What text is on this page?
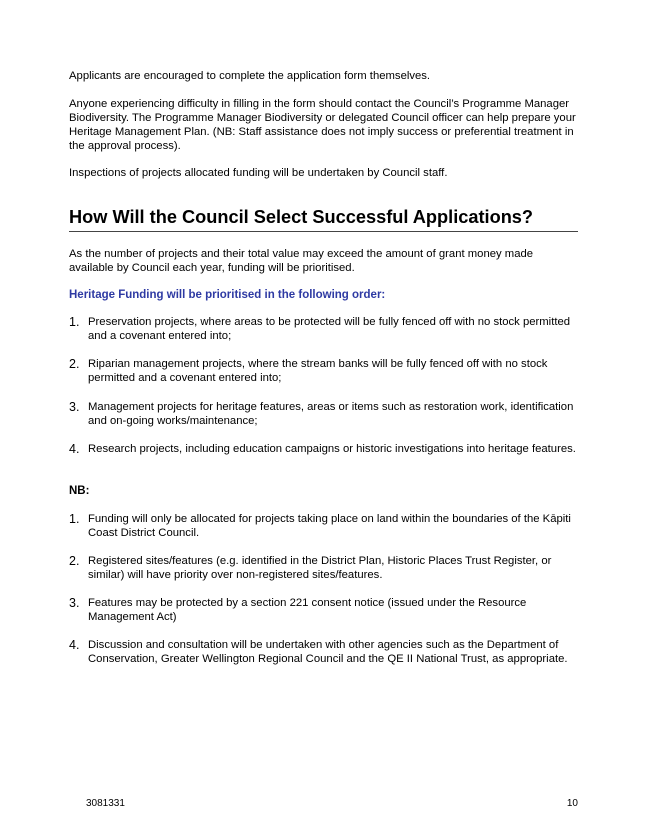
Applicants are encouraged to complete the application form themselves.

Anyone experiencing difficulty in filling in the form should contact the Council’s Programme Manager Biodiversity. The Programme Manager Biodiversity or delegated Council officer can help prepare your Heritage Management Plan. (NB: Staff assistance does not imply success or preferential treatment in the approval process).

Inspections of projects allocated funding will be undertaken by Council staff.

How Will the Council Select Successful Applications?

As the number of projects and their total value may exceed the amount of grant money made available by Council each year, funding will be prioritised.

Heritage Funding will be prioritised in the following order:

1. Preservation projects, where areas to be protected will be fully fenced off with no stock permitted and a covenant entered into;
2. Riparian management projects, where the stream banks will be fully fenced off with no stock permitted and a covenant entered into;
3. Management projects for heritage features, areas or items such as restoration work, identification and on-going works/maintenance;
4. Research projects, including education campaigns or historic investigations into heritage features.

NB:

1. Funding will only be allocated for projects taking place on land within the boundaries of the Kāpiti Coast District Council.
2. Registered sites/features (e.g. identified in the District Plan, Historic Places Trust Register, or similar) will have priority over non-registered sites/features.
3. Features may be protected by a section 221 consent notice (issued under the Resource Management Act)
4. Discussion and consultation will be undertaken with other agencies such as the Department of Conservation, Greater Wellington Regional Council and the QE II National Trust, as appropriate.
3081331	10
